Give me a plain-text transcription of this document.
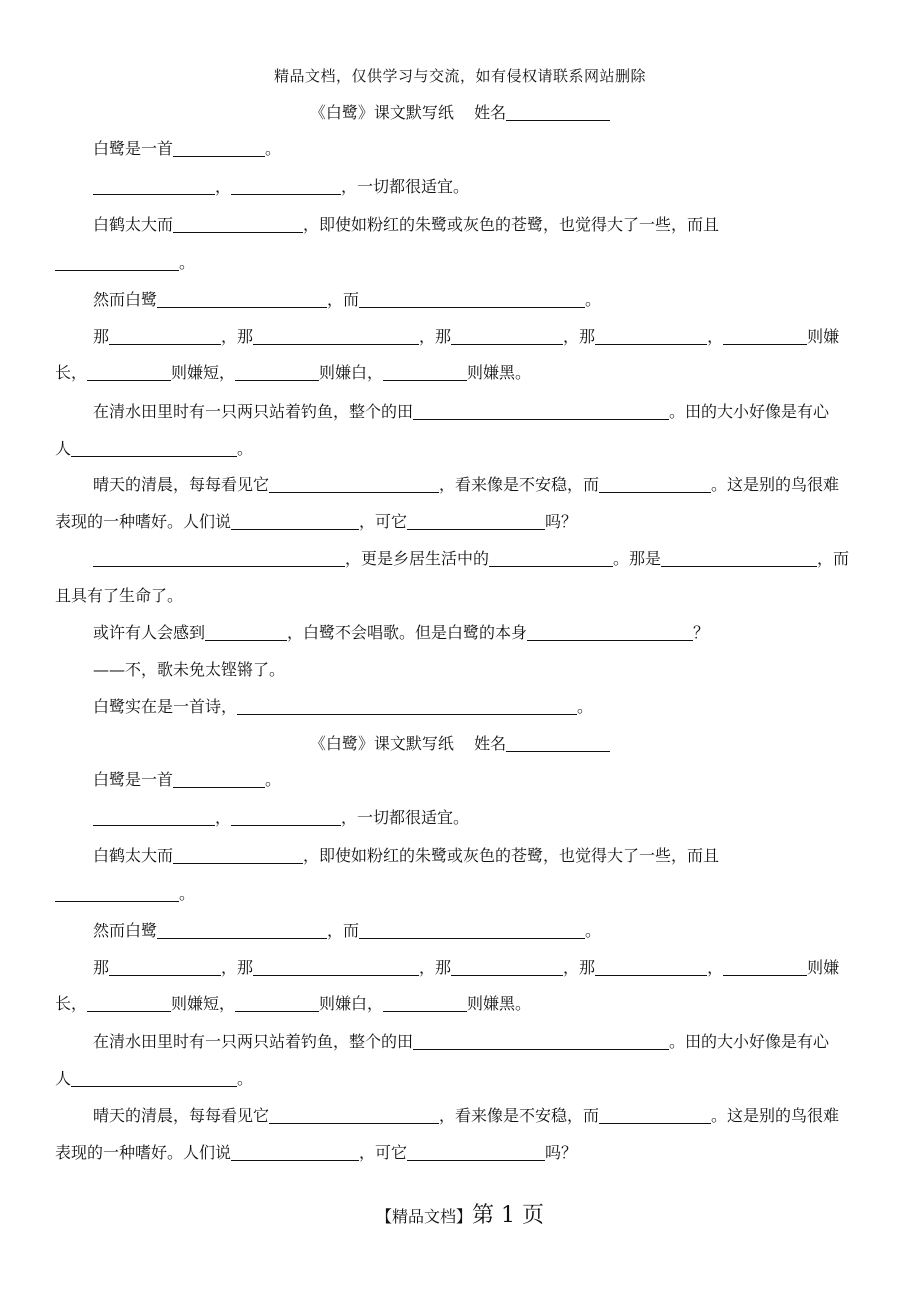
精品文档，仅供学习与交流，如有侵权请联系网站删除
《白鹭》课文默写纸 姓名
白鹭是一首	。
，	，一切都很适宜。
白鹤太大而	，即使如粉红的朱鹭或灰色的苍鹭，也觉得大了一些，而且
。
然而白鹭	，而	。
那	，那	，那	，那	，	则嫌
长，	则嫌短，	则嫌白，	则嫌黑。
在清水田里时有一只两只站着钓鱼，整个的田	。田的大小好像是有心
人	。
晴天的清晨，每每看见它	，看来像是不安稳，而	。这是别的鸟很难
表现的一种嗜好。人们说	，可它	吗？
，更是乡居生活中的	。那是	，而
且具有了生命了。
或许有人会感到	，白鹭不会唱歌。但是白鹭的本身	？
——不，歌未免太铿锵了。
白鹭实在是一首诗，	。
《白鹭》课文默写纸 姓名
白鹭是一首	。
，	，一切都很适宜。
白鹤太大而	，即使如粉红的朱鹭或灰色的苍鹭，也觉得大了一些，而且
。
然而白鹭	，而	。
那	，那	，那	，那	，	则嫌
长，	则嫌短，	则嫌白，	则嫌黑。
在清水田里时有一只两只站着钓鱼，整个的田	。田的大小好像是有心
人	。
晴天的清晨，每每看见它	，看来像是不安稳，而	。这是别的鸟很难
表现的一种嗜好。人们说	，可它	吗？
【精品文档】第 1 页
